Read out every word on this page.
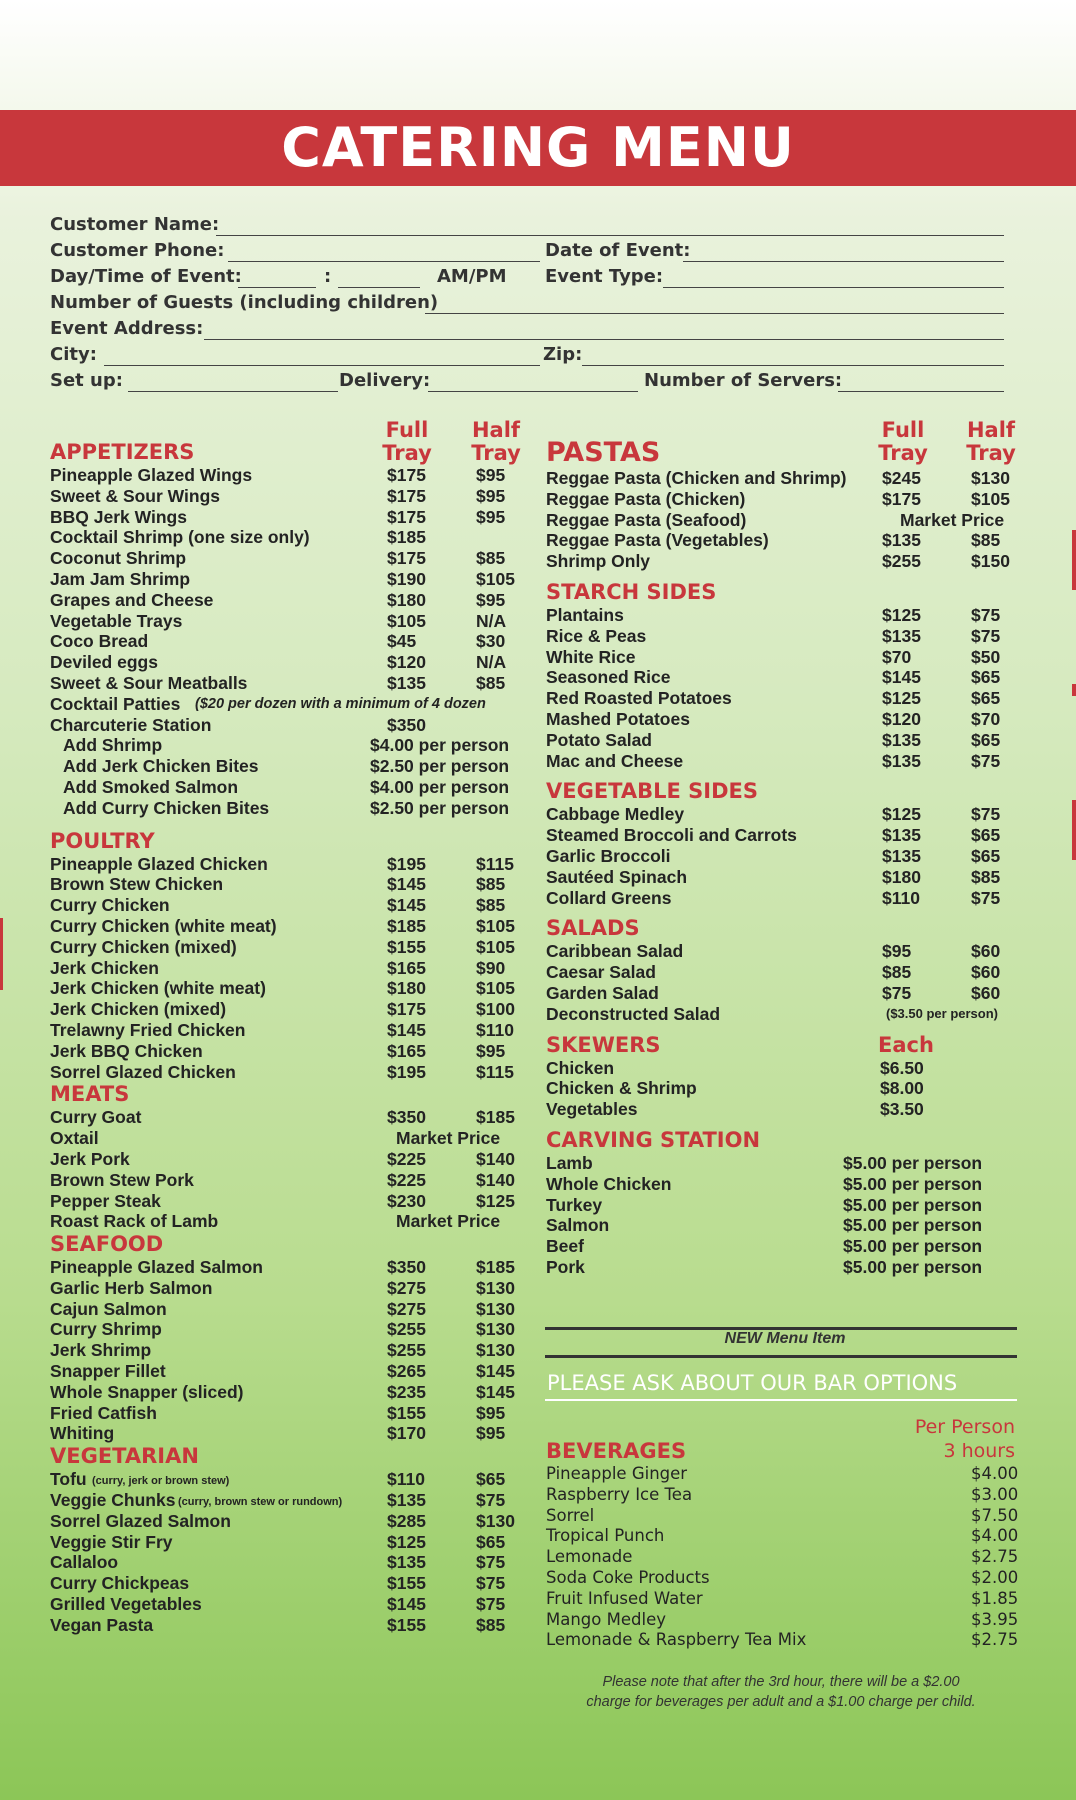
CATERING MENU
Customer Name:
Customer Phone:	Date of Event:
Day/Time of Event:	:	AM/PM Event Type:
Number of Guests (including children)
Event Address:
City:	Zip:
Set up:	Delivery:	Number of Servers:
Full
Tray
Half
Tray
Full
Tray
Half
Tray
APPETIZERS
Pineapple Glazed Wings	$175	$95
Sweet & Sour Wings	$175	$95
BBQ Jerk Wings	$175	$95
Cocktail Shrimp (one size only)	$185
Coconut Shrimp	$175	$85
Jam Jam Shrimp	$190	$105
Grapes and Cheese	$180	$95
Vegetable Trays	$105	N/A
Coco Bread	$45	$30
Deviled eggs	$120	N/A
Sweet & Sour Meatballs	$135	$85
Cocktail Patties ($20 per dozen with a minimum of 4 dozen
Charcuterie Station	$350
Add Shrimp	$4.00 per person
Add Jerk Chicken Bites	$2.50 per person
Add Smoked Salmon	$4.00 per person
Add Curry Chicken Bites	$2.50 per person
POULTRY
Pineapple Glazed Chicken	$195	$115
Brown Stew Chicken	$145	$85
Curry Chicken	$145	$85
Curry Chicken (white meat)	$185	$105
Curry Chicken (mixed)	$155	$105
Jerk Chicken	$165	$90
Jerk Chicken (white meat)	$180	$105
Jerk Chicken (mixed)	$175	$100
Trelawny Fried Chicken	$145	$110
Jerk BBQ Chicken	$165	$95
Sorrel Glazed Chicken	$195	$115
MEATS
Curry Goat	$350	$185
Oxtail	Market Price
Jerk Pork	$225	$140
Brown Stew Pork	$225	$140
Pepper Steak	$230	$125
Roast Rack of Lamb	Market Price
SEAFOOD
Pineapple Glazed Salmon	$350	$185
Garlic Herb Salmon	$275	$130
Cajun Salmon	$275	$130
Curry Shrimp	$255	$130
Jerk Shrimp	$255	$130
Snapper Fillet	$265	$145
Whole Snapper (sliced)	$235	$145
Fried Catfish	$155	$95
Whiting	$170	$95
VEGETARIAN
Tofu	$110	$65
(curry, jerk or brown stew)
Veggie Chunks	$135	$75
(curry, brown stew or rundown)
Sorrel Glazed Salmon	$285	$130
Veggie Stir Fry	$125	$65
Callaloo	$135	$75
Curry Chickpeas	$155	$75
Grilled Vegetables	$145	$75
Vegan Pasta	$155	$85
PASTAS
Reggae Pasta (Chicken and Shrimp) $245	$130
Reggae Pasta (Chicken)	$175	$105
Reggae Pasta (Seafood)	Market Price
Reggae Pasta (Vegetables)	$135	$85
Shrimp Only	$255	$150
STARCH SIDES
Plantains	$125	$75
Rice & Peas	$135	$75
White Rice	$70	$50
Seasoned Rice	$145	$65
Red Roasted Potatoes	$125	$65
Mashed Potatoes	$120	$70
Potato Salad	$135	$65
Mac and Cheese	$135	$75
VEGETABLE SIDES
Cabbage Medley	$125	$75
Steamed Broccoli and Carrots	$135	$65
Garlic Broccoli	$135	$65
Sautéed Spinach	$180	$85
Collard Greens	$110	$75
SALADS
Caribbean Salad	$95	$60
Caesar Salad	$85	$60
Garden Salad	$75	$60
Deconstructed Salad	($3.50 per person)
SKEWERS	Each
Chicken	$6.50
Chicken & Shrimp	$8.00
Vegetables	$3.50
CARVING STATION
Lamb	$5.00 per person
Whole Chicken	$5.00 per person
Turkey	$5.00 per person
Salmon	$5.00 per person
Beef	$5.00 per person
Pork	$5.00 per person
NEW Menu Item
PLEASE ASK ABOUT OUR BAR OPTIONS
Per Person
3 hours
BEVERAGES
Pineapple Ginger	$4.00
Raspberry Ice Tea	$3.00
Sorrel	$7.50
Tropical Punch	$4.00
Lemonade	$2.75
Soda Coke Products	$2.00
Fruit Infused Water	$1.85
Mango Medley	$3.95
Lemonade & Raspberry Tea Mix	$2.75
Please note that after the 3rd hour, there will be a $2.00
charge for beverages per adult and a $1.00 charge per child.
